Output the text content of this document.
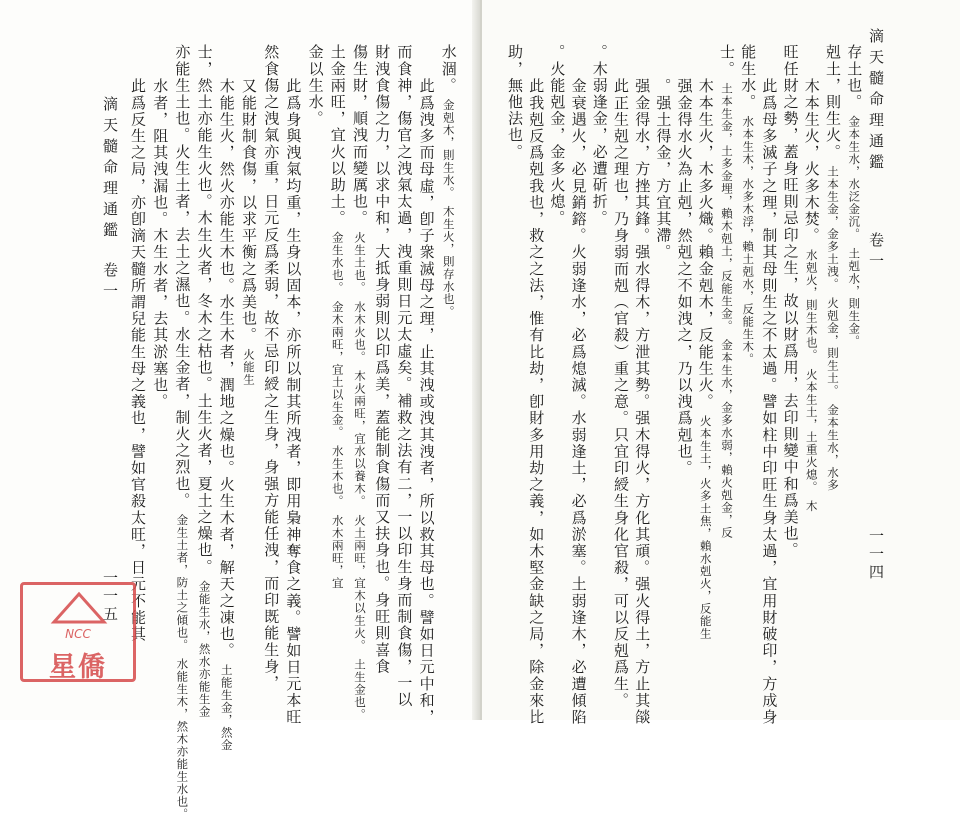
卷一
滴天髓命理通鑑
一一五 此爲反生之局，亦卽滴天髓所謂兒能生母之義也，譬如官殺太旺，日元不能其 水者，阻其洩漏也。木生水者，去其淤塞也。 亦能生土也。火生土者，去土之濕也。水生金者，制火之烈也。　金生土者，防土之傾也。　水能生木，然木亦能生水也。
士，然土亦能生火也。木生火者，冬木之枯也。土生火者，夏土之燥也。　金能生水，然水亦能生金 木能生火，然火亦能生木也。水生木者，潤地之燥也。火生木者，解天之凍也。　土能生金，然金
又能財制食傷，以求平衡之爲美也。　火能生 然食傷之洩氣亦重，日元反爲柔弱，故不忌印綬之生身，身强方能任洩，而印既能生身， 此爲身與洩氣均重，生身以固本，亦所以制其所洩者，即用梟神奪食之義。譬如日元本旺 金以生水。 土金兩旺，宜火以助土。　金生水也。　金木兩旺，宜土以生金。　水生木也。　水木兩旺，宜
傷生財，順洩而變厲也。　火生土也。　水木火也。　木火兩旺，宜水以養木。　火土兩旺，宜木以生火。　土生金也。
財洩食傷之力，以求中和，大抵身弱則以印爲美，蓋能制食傷而又扶身也。身旺則喜食 而食神，傷官之洩氣太過，洩重則日元太虛矣。補救之法有二，一以印生身而制食傷，一以 此爲洩多而母虛，卽子衆滅母之理，止其洩或洩其洩者，所以救其母也。譬如日元中和，
水涸。　金剋木，則生水。　木生火，則存水也。
NCC
星僑
滴天髓命理通鑑
卷一
一一四
助，無他法也。 此我剋反爲剋我也，救之之法，惟有比劫，卽財多用劫之義，如木堅金缺之局，除金來比 。火能剋金，金多火熄。 金衰遇火，必見銷鎔。火弱逢水，必爲熄滅。水弱逢土，必爲淤塞。土弱逢木，必遭傾陷 。木弱逢金，必遭斫折。 此正生剋之理也，乃身弱而剋（官殺）重之意。只宜印綬生身化官殺，可以反剋爲生。 强金得水，方挫其鋒。强水得木，方泄其勢。强木得火，方化其頑。强火得土，方止其燄 。强土得金，方宜其滯。 强金得水火為止剋，然剋之不如洩之，乃以洩爲剋也。 木本生火，木多火熾。賴金剋木，反能生火。　火本生土，火多土焦，賴水剋火，反能生
士。　土本生金，土多金埋，賴木剋土，反能生金。　金本生水，金多水弱，賴火剋金，反
能生水。　水本生木，水多木浮，賴土剋水，反能生木。 此爲母多滅子之理，制其母則生之不太過。譬如柱中印旺生身太過，宜用財破印，方成身 旺任財之勢，蓋身旺則忌印之生，故以財爲用，去印則變中和爲美也。 木本生火，火多木焚。　水剋火，則生木也。　火本生土，土重火熄。　木
剋土，則生火。　土本生金，金多土洩。　火剋金，則生土。　金本生水，水多
存土也。　金本生水，水泛金沉。　土剋水，則生金。
